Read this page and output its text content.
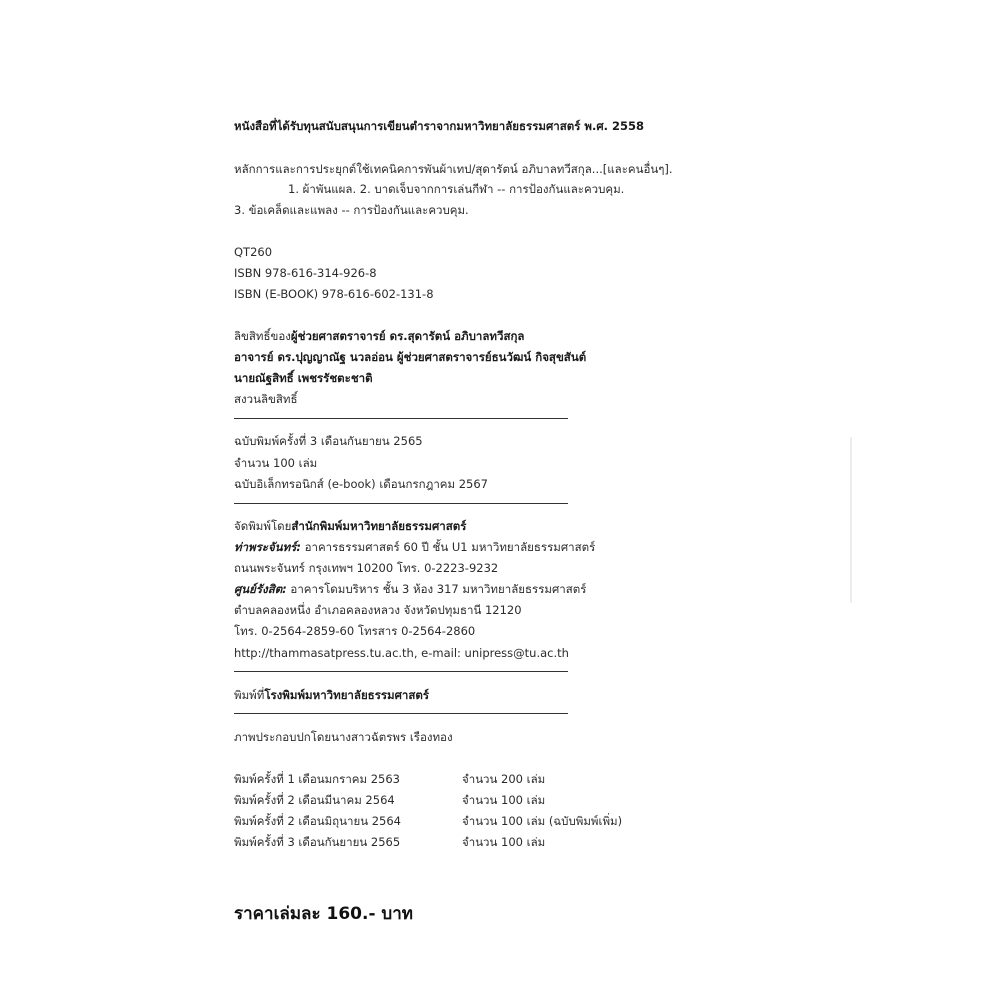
หนังสือที่ได้รับทุนสนับสนุนการเขียนตำราจากมหาวิทยาลัยธรรมศาสตร์ พ.ศ. 2558
หลักการและการประยุกต์ใช้เทคนิคการพันผ้าเทป/สุดารัตน์ อภิบาลทวีสกุล...[และคนอื่นๆ].
1. ผ้าพันแผล. 2. บาดเจ็บจากการเล่นกีฬา -- การป้องกันและควบคุม.
3. ข้อเคล็ดและแพลง -- การป้องกันและควบคุม.
QT260
ISBN 978-616-314-926-8
ISBN (E-BOOK) 978-616-602-131-8
ลิขสิทธิ์ของผู้ช่วยศาสตราจารย์ ดร.สุดารัตน์ อภิบาลทวีสกุล
อาจารย์ ดร.ปุญญาณัฐ นวลอ่อน ผู้ช่วยศาสตราจารย์ธนวัฒน์ กิจสุขสันต์
นายณัฐสิทธิ์ เพชรรัชตะชาติ
สงวนลิขสิทธิ์
ฉบับพิมพ์ครั้งที่ 3 เดือนกันยายน 2565
จำนวน 100 เล่ม
ฉบับอิเล็กทรอนิกส์ (e-book) เดือนกรกฎาคม 2567
จัดพิมพ์โดยสำนักพิมพ์มหาวิทยาลัยธรรมศาสตร์
ท่าพระจันทร์: อาคารธรรมศาสตร์ 60 ปี ชั้น U1 มหาวิทยาลัยธรรมศาสตร์
ถนนพระจันทร์ กรุงเทพฯ 10200 โทร. 0-2223-9232
ศูนย์รังสิต: อาคารโดมบริหาร ชั้น 3 ห้อง 317 มหาวิทยาลัยธรรมศาสตร์
ตำบลคลองหนึ่ง อำเภอคลองหลวง จังหวัดปทุมธานี 12120
โทร. 0-2564-2859-60 โทรสาร 0-2564-2860
http://thammasatpress.tu.ac.th, e-mail: unipress@tu.ac.th
พิมพ์ที่โรงพิมพ์มหาวิทยาลัยธรรมศาสตร์
ภาพประกอบปกโดยนางสาวฉัตรพร เรืองทอง
พิมพ์ครั้งที่ 1 เดือนมกราคม 2563	จำนวน 200 เล่ม
พิมพ์ครั้งที่ 2 เดือนมีนาคม 2564	จำนวน 100 เล่ม
พิมพ์ครั้งที่ 2 เดือนมิถุนายน 2564	จำนวน 100 เล่ม (ฉบับพิมพ์เพิ่ม)
พิมพ์ครั้งที่ 3 เดือนกันยายน 2565	จำนวน 100 เล่ม
ราคาเล่มละ 160.- บาท
